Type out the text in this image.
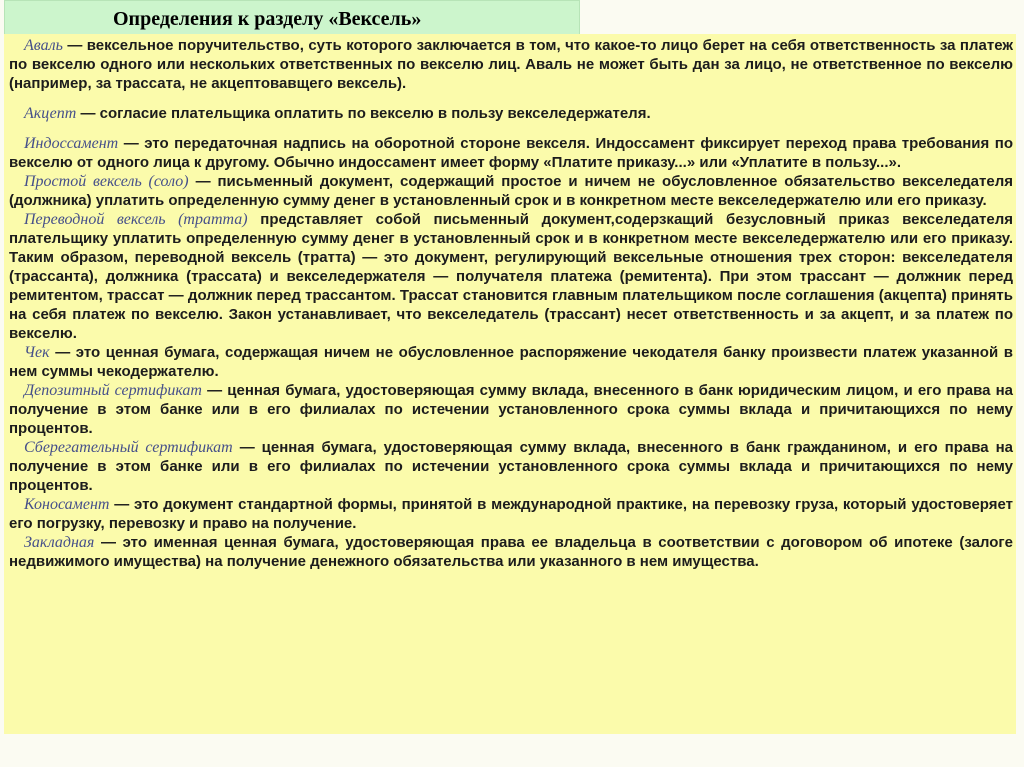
Определения к разделу «Вексель»

Аваль — вексельное поручительство, суть которого заключается в том, что какое-то лицо берет на себя ответственность за платеж по векселю одного или нескольких ответственных по векселю лиц. Аваль не может быть дан за лицо, не ответственное по векселю (например, за трассата, не акцептовавщего вексель).

Акцепт — согласие плательщика оплатить по векселю в пользу векселедержателя.

Индоссамент — это передаточная надпись на оборотной стороне векселя. Индоссамент фиксирует переход права требования по векселю от одного лица к другому. Обычно индоссамент имеет форму «Платите приказу...» или «Уплатите в пользу...».

Простой вексель (соло) — письменный документ, содержащий простое и ничем не обусловленное обязательство векселедателя (должника) уплатить определенную сумму денег в установленный срок и в конкретном месте векселедержателю или его приказу.

Переводной вексель (тратта) представляет собой письменный документ,содерзкащий безусловный приказ векселедателя плательщику уплатить определенную сумму денег в установленный срок и в конкретном месте векселедержателю или его приказу. Таким образом, переводной вексель (тратта) — это документ, регулирующий вексельные отношения трех сторон: векселедателя (трассанта), должника (трассата) и векселедержателя — получателя платежа (ремитента). При этом трассант — должник перед ремитентом, трассат — должник перед трассантом. Трассат становится главным плательщиком после соглашения (акцепта) принять на себя платеж по векселю. Закон устанавливает, что векселедатель (трассант) несет ответственность и за акцепт, и за платеж по векселю.

Чек — это ценная бумага, содержащая ничем не обусловленное распоряжение чекодателя банку произвести платеж указанной в нем суммы чекодержателю.

Депозитный сертификат — ценная бумага, удостоверяющая сумму вклада, внесенного в банк юридическим лицом, и его права на получение в этом банке или в его филиалах по истечении установленного срока суммы вклада и причитающихся по нему процентов.

Сберегательный сертификат — ценная бумага, удостоверяющая сумму вклада, внесенного в банк гражданином, и его права на получение в этом банке или в его филиалах по истечении установленного срока суммы вклада и причитающихся по нему процентов.

Коносамент — это документ стандартной формы, принятой в международной практике, на перевозку груза, который удостоверяет его погрузку, перевозку и право на получение.

Закладная — это именная ценная бумага, удостоверяющая права ее владельца в соответствии с договором об ипотеке (залоге недвижимого имущества) на получение денежного обязательства или указанного в нем имущества.
